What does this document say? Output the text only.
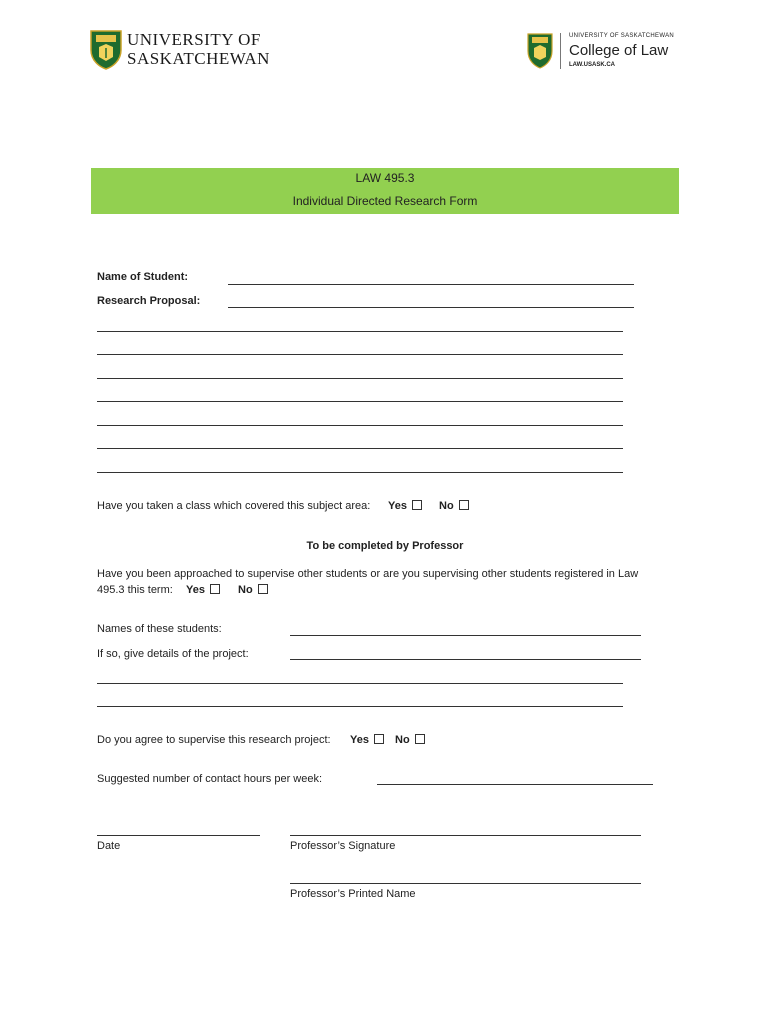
UNIVERSITY OF
SASKATCHEWAN
UNIVERSITY OF SASKATCHEWAN
College of Law
LAW.USASK.CA
LAW 495.3
Individual Directed Research Form
Name of Student:
Research Proposal:
Have you taken a class which covered this subject area: Yes	No
To be completed by Professor
Have you been approached to supervise other students or are you supervising other students registered in Law
495.3 this term: Yes	No
Names of these students:
If so, give details of the project:
Do you agree to supervise this research project: Yes	No
Suggested number of contact hours per week:
Date	Professor’s Signature
Professor’s Printed Name
